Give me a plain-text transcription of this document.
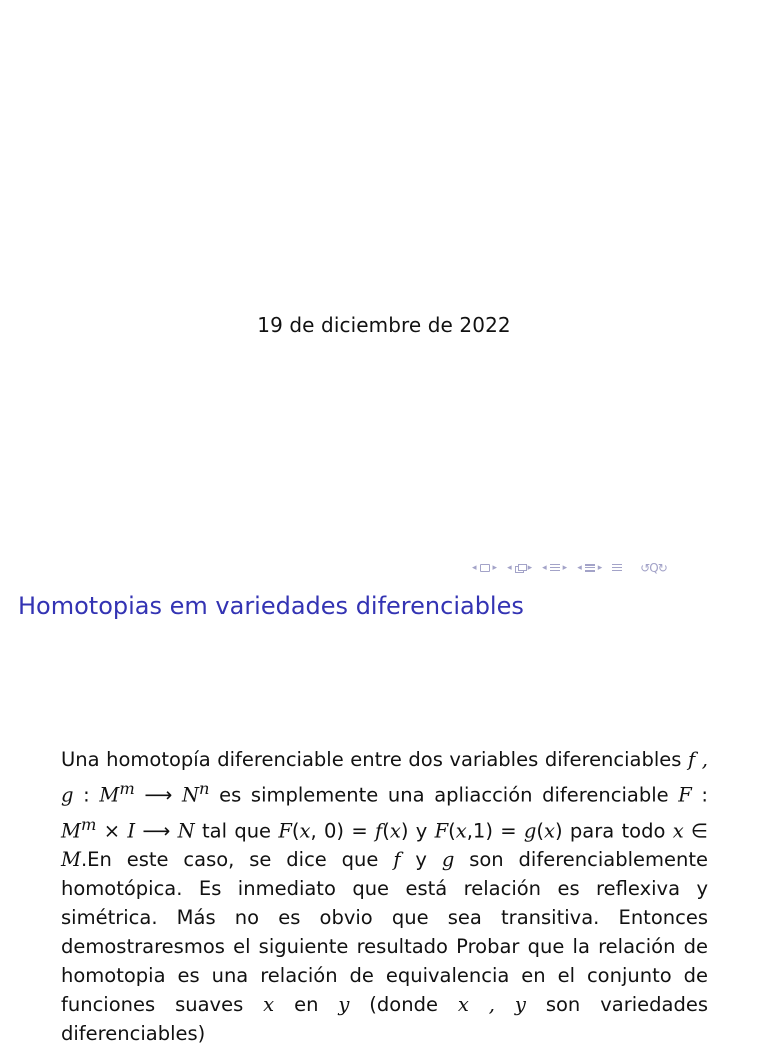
19 de diciembre de 2022
◂ ▸ ◂ ▸ ◂ ▸ ◂ ▸	↺Q↻
Homotopias em variedades diferenciables

Una homotopía diferenciable entre dos variables diferenciables f , g : $M^m$ ⟶ $N^n$ es simplemente una apliacción diferenciable F : $M^m \times I$ ⟶ N tal que F(x, 0) = f(x) y F(x,1) = g(x) para todo x ∈ M.En este caso, se dice que f y g son diferenciablemente homotópica. Es inmediato que está relación es reflexiva y simétrica. Más no es obvio que sea transitiva. Entonces demostraresmos el siguiente resultado Probar que la relación de homotopia es una relación de equivalencia en el conjunto de funciones suaves x en y (donde x , y son variedades diferenciables)
